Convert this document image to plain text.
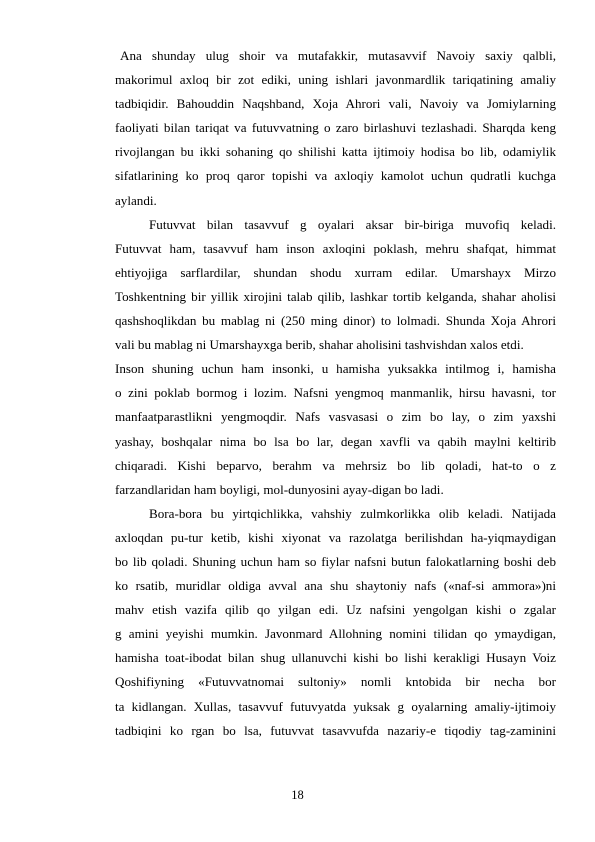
Ana shunday ulug shoir va mutafakkir, mutasavvif Navoiy saxiy qalbli,
makorimul axloq bir zot ediki, uning ishlari javonmardlik tariqatining amaliy
tadbiqidir. Bahouddin Naqshband, Xoja Ahrori vali, Navoiy va Jomiylarning
faoliyati bilan tariqat va futuvvatning o zaro birlashuvi tezlashadi. Sharqda keng
rivojlangan bu ikki sohaning qo shilishi katta ijtimoiy hodisa bo lib, odamiylik
sifatlarining ko proq qaror topishi va axloqiy kamolot uchun qudratli kuchga
aylandi.
Futuvvat bilan tasavvuf g oyalari aksar bir-biriga muvofiq keladi.
Futuvvat ham, tasavvuf ham inson axloqini poklash, mehru shafqat, himmat
ehtiyojiga sarflardilar, shundan shodu xurram edilar. Umarshayx Mirzo
Toshkentning bir yillik xirojini talab qilib, lashkar tortib kelganda, shahar aholisi
qashshoqlikdan bu mablag ni (250 ming dinor) to lolmadi. Shunda Xoja Ahrori
vali bu mablag ni Umarshayxga berib, shahar aholisini tashvishdan xalos etdi.
Inson shuning uchun ham insonki, u hamisha yuksakka intilmog i, hamisha
o zini poklab bormog i lozim. Nafsni yengmoq manmanlik, hirsu havasni, tor
manfaatparastlikni yengmoqdir. Nafs vasvasasi o zim bo lay, o zim yaxshi
yashay, boshqalar nima bo lsa bo lar, degan xavfli va qabih maylni keltirib
chiqaradi. Kishi beparvo, berahm va mehrsiz bo lib qoladi, hat-to o z
farzandlaridan ham boyligi, mol-dunyosini ayay-digan bo ladi.
Bora-bora bu yirtqichlikka, vahshiy zulmkorlikka olib keladi. Natijada
axloqdan pu-tur ketib, kishi xiyonat va razolatga berilishdan ha-yiqmaydigan
bo lib qoladi. Shuning uchun ham so fiylar nafsni butun falokatlarning boshi deb
ko rsatib, muridlar oldiga avval ana shu shaytoniy nafs («naf-si ammora»)ni
mahv etish vazifa qilib qo yilgan edi. Uz nafsini yengolgan kishi o zgalar
g amini yeyishi mumkin. Javonmard Allohning nomini tilidan qo ymaydigan,
hamisha toat-ibodat bilan shug ullanuvchi kishi bo lishi kerakligi Husayn Voiz
Qoshifiyning «Futuvvatnomai sultoniy» nomli kntobida bir necha bor
ta kidlangan. Xullas, tasavvuf futuvyatda yuksak g oyalarning amaliy-ijtimoiy
tadbiqini ko rgan bo lsa, futuvvat tasavvufda nazariy-e tiqodiy tag-zaminini
18
